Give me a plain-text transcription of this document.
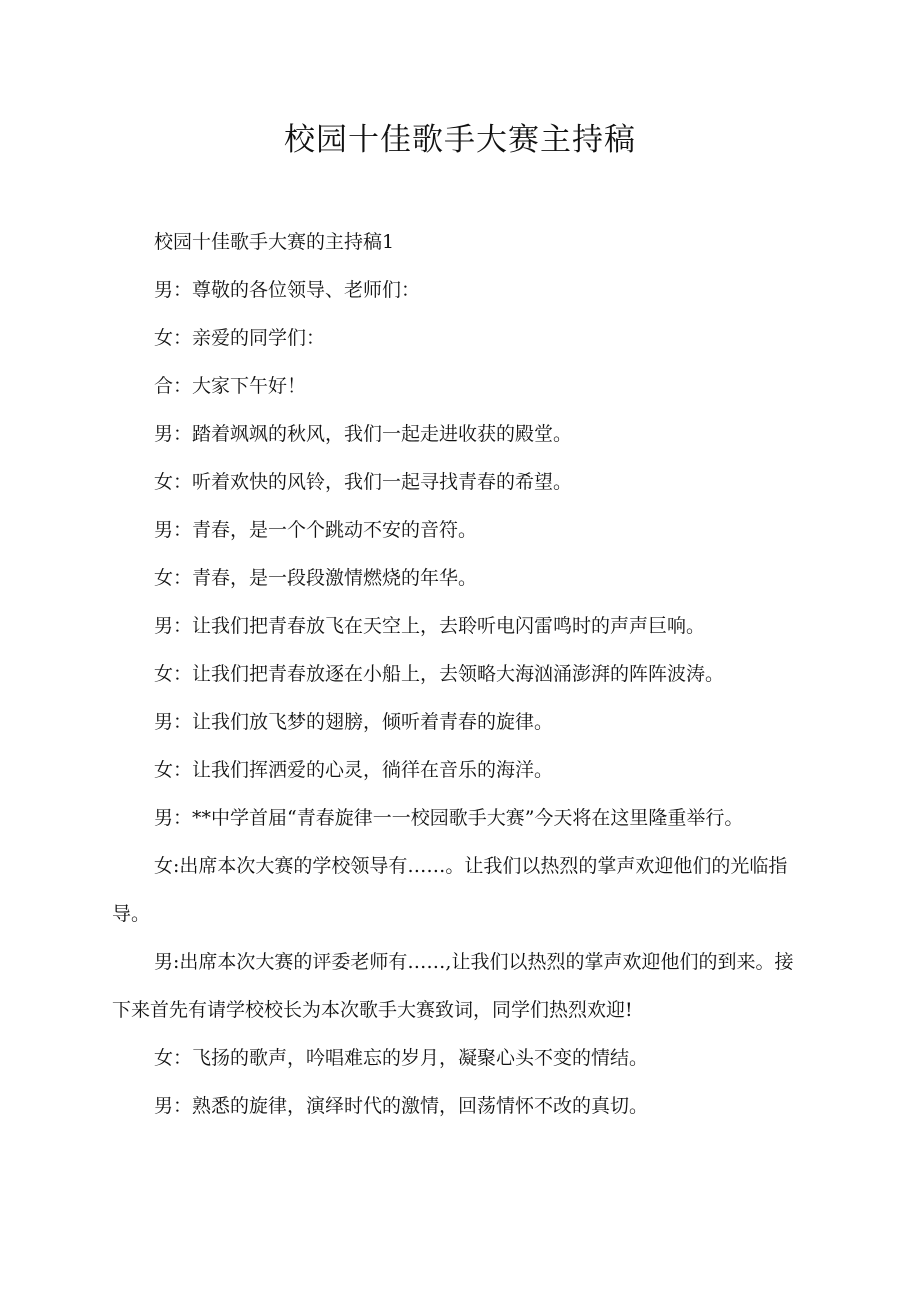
校园十佳歌手大赛主持稿

校园十佳歌手大赛的主持稿1

男：尊敬的各位领导、老师们：

女：亲爱的同学们：

合：大家下午好！

男：踏着飒飒的秋风，我们一起走进收获的殿堂。

女：听着欢快的风铃，我们一起寻找青春的希望。

男：青春，是一个个跳动不安的音符。

女：青春，是一段段激情燃烧的年华。

男：让我们把青春放飞在天空上，去聆听电闪雷鸣时的声声巨响。

女：让我们把青春放逐在小船上，去领略大海汹涌澎湃的阵阵波涛。

男：让我们放飞梦的翅膀，倾听着青春的旋律。

女：让我们挥洒爱的心灵，徜徉在音乐的海洋。

男：**中学首届“青春旋律一一校园歌手大赛”今天将在这里隆重举行。

女:出席本次大赛的学校领导有……。让我们以热烈的掌声欢迎他们的光临指导。

男:出席本次大赛的评委老师有……,让我们以热烈的掌声欢迎他们的到来。接下来首先有请学校校长为本次歌手大赛致词，同学们热烈欢迎!

女：飞扬的歌声，吟唱难忘的岁月，凝聚心头不变的情结。

男：熟悉的旋律，演绎时代的激情，回荡情怀不改的真切。
